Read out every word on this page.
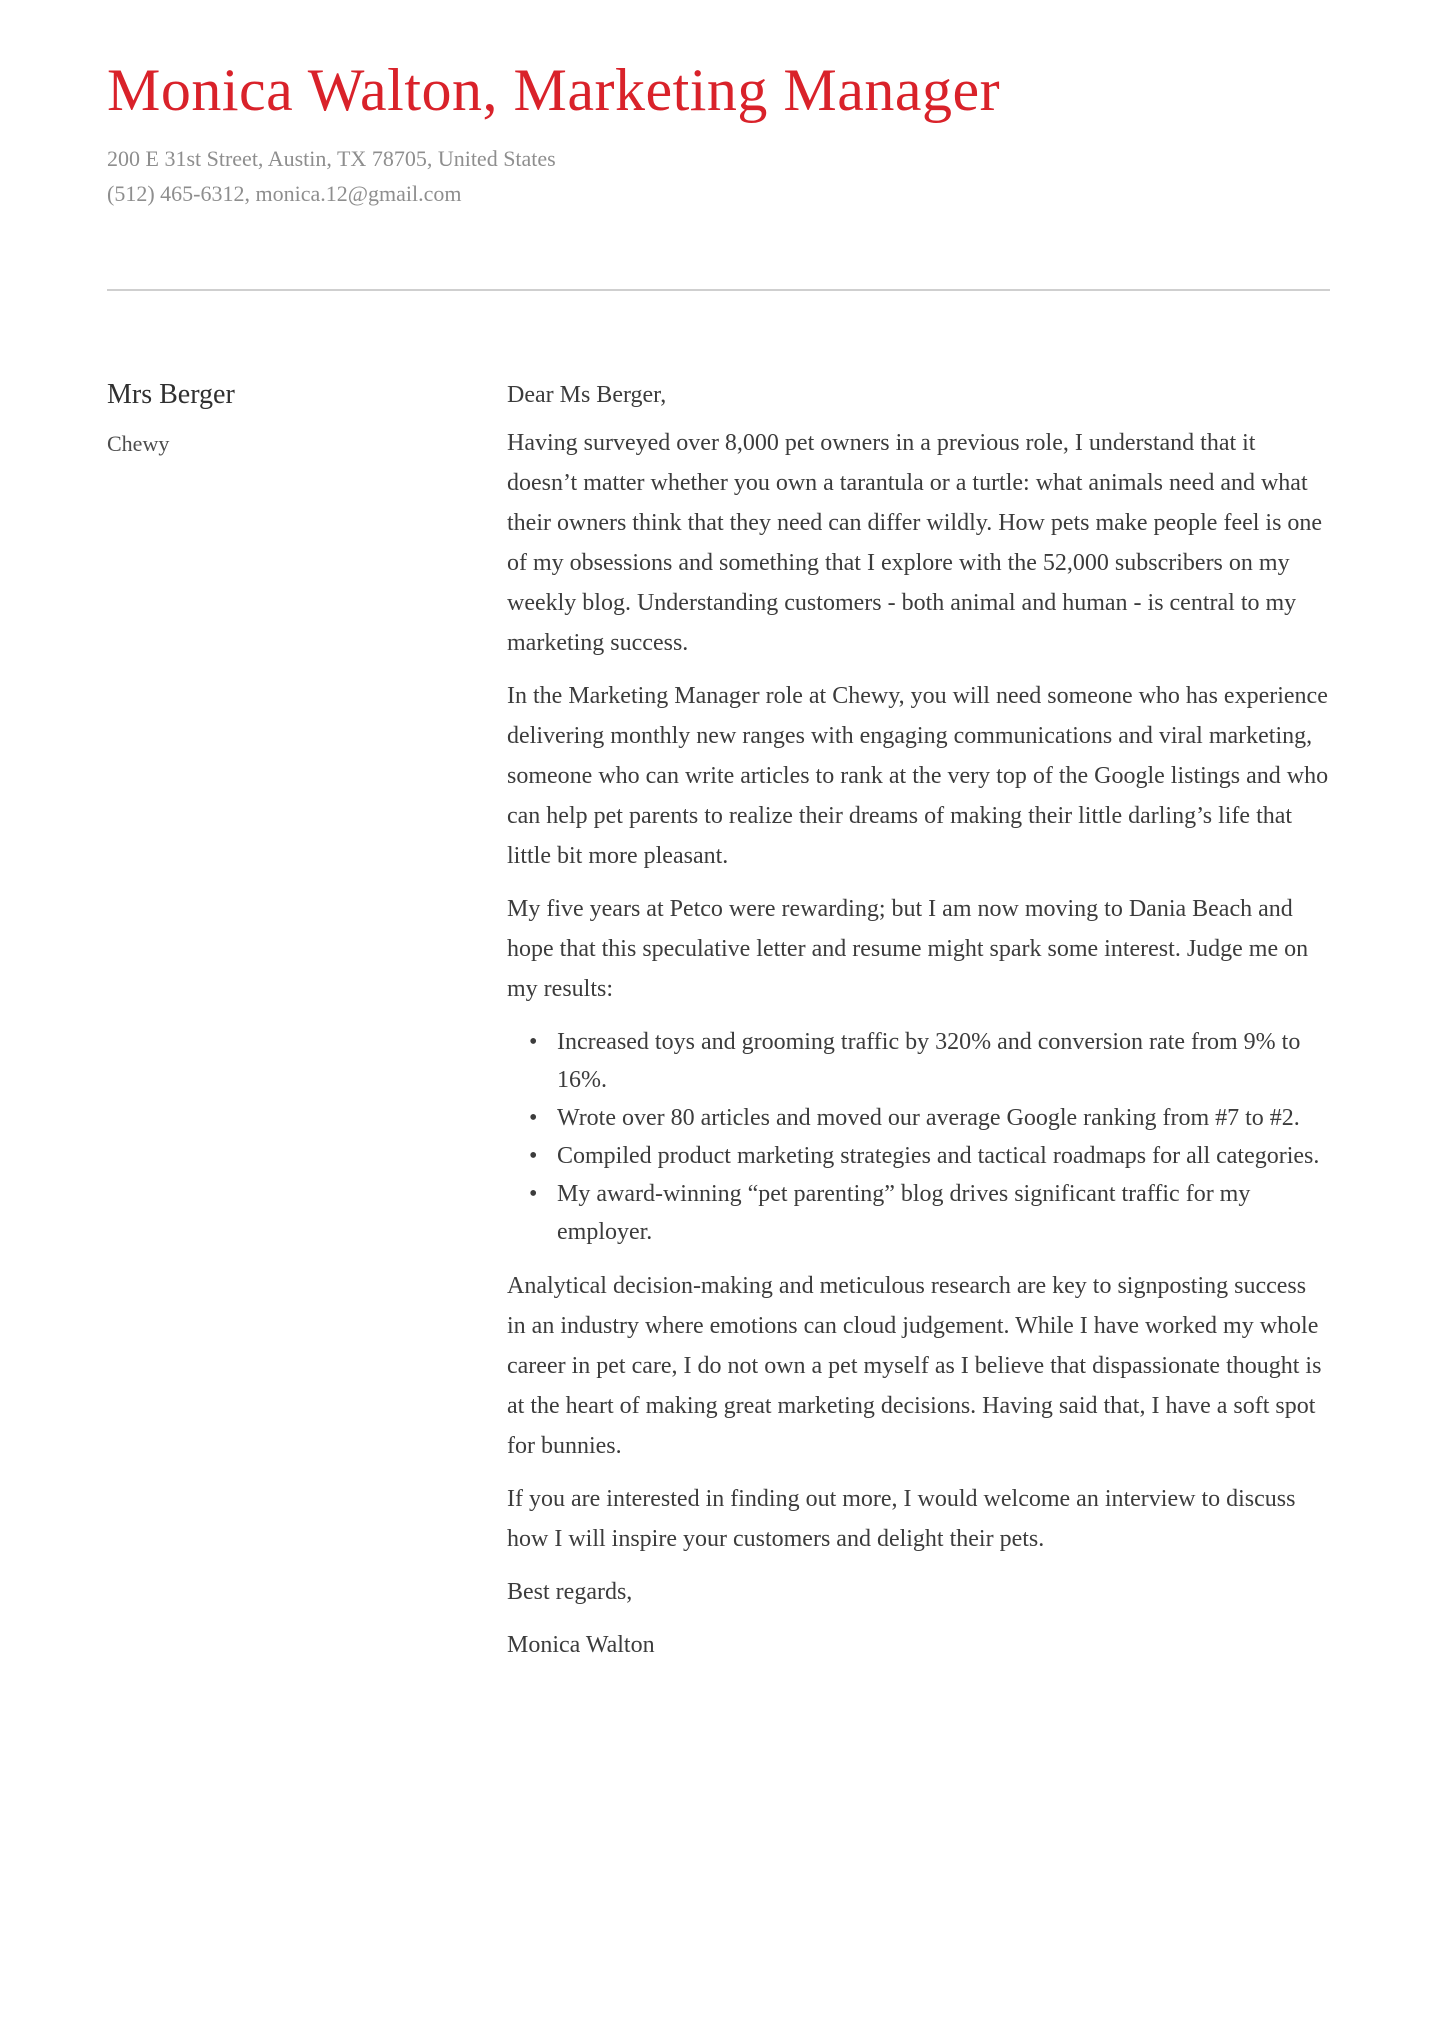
Monica Walton, Marketing Manager
200 E 31st Street, Austin, TX 78705, United States
(512) 465-6312, monica.12@gmail.com
Mrs Berger
Chewy

Dear Ms Berger,

Having surveyed over 8,000 pet owners in a previous role, I understand that it doesn’t matter whether you own a tarantula or a turtle: what animals need and what their owners think that they need can differ wildly. How pets make people feel is one of my obsessions and something that I explore with the 52,000 subscribers on my weekly blog. Understanding customers - both animal and human - is central to my marketing success.

In the Marketing Manager role at Chewy, you will need someone who has experience delivering monthly new ranges with engaging communications and viral marketing, someone who can write articles to rank at the very top of the Google listings and who can help pet parents to realize their dreams of making their little darling’s life that little bit more pleasant.

My five years at Petco were rewarding; but I am now moving to Dania Beach and hope that this speculative letter and resume might spark some interest. Judge me on my results:

• Increased toys and grooming traffic by 320% and conversion rate from 9% to 16%.
• Wrote over 80 articles and moved our average Google ranking from #7 to #2.
• Compiled product marketing strategies and tactical roadmaps for all categories.
• My award-winning “pet parenting” blog drives significant traffic for my employer.

Analytical decision-making and meticulous research are key to signposting success in an industry where emotions can cloud judgement. While I have worked my whole career in pet care, I do not own a pet myself as I believe that dispassionate thought is at the heart of making great marketing decisions. Having said that, I have a soft spot for bunnies.

If you are interested in finding out more, I would welcome an interview to discuss how I will inspire your customers and delight their pets.

Best regards,

Monica Walton
